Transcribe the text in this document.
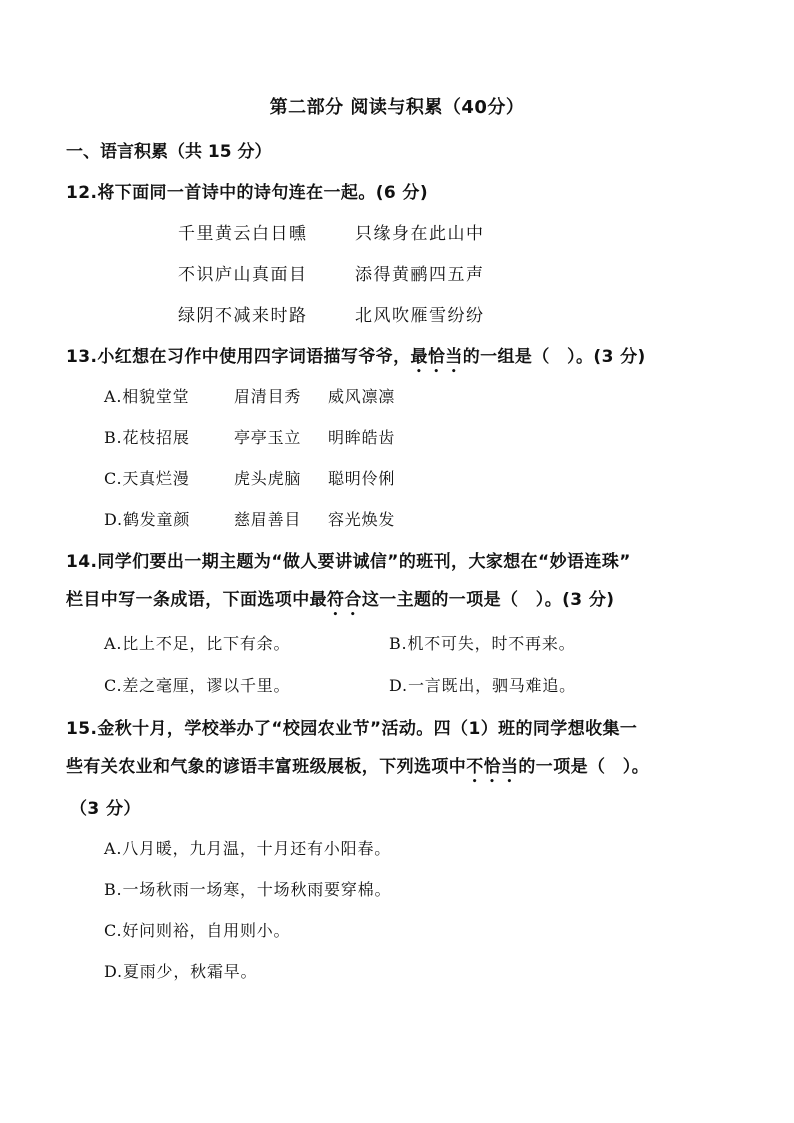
第二部分 阅读与积累（40分）
一、语言积累（共 15 分）
12.将下面同一首诗中的诗句连在一起。(6 分)
千里黄云白日曛	只缘身在此山中
不识庐山真面目	添得黄鹂四五声
绿阴不减来时路	北风吹雁雪纷纷
13.小红想在习作中使用四字词语描写爷爷，最恰当的一组是（　）。(3 分)
A.相貌堂堂	眉清目秀 威风凛凛
B.花枝招展	亭亭玉立 明眸皓齿
C.天真烂漫	虎头虎脑 聪明伶俐
D.鹤发童颜	慈眉善目 容光焕发
14.同学们要出一期主题为“做人要讲诚信”的班刊，大家想在“妙语连珠”
栏目中写一条成语，下面选项中最符合这一主题的一项是（　）。(3 分)
A.比上不足，比下有余。	B.机不可失，时不再来。
C.差之毫厘，谬以千里。	D.一言既出，驷马难追。
15.金秋十月，学校举办了“校园农业节”活动。四（1）班的同学想收集一
些有关农业和气象的谚语丰富班级展板，下列选项中不恰当的一项是（　）。
（3 分）
A.八月暖，九月温，十月还有小阳春。
B.一场秋雨一场寒，十场秋雨要穿棉。
C.好问则裕，自用则小。
D.夏雨少，秋霜早。
